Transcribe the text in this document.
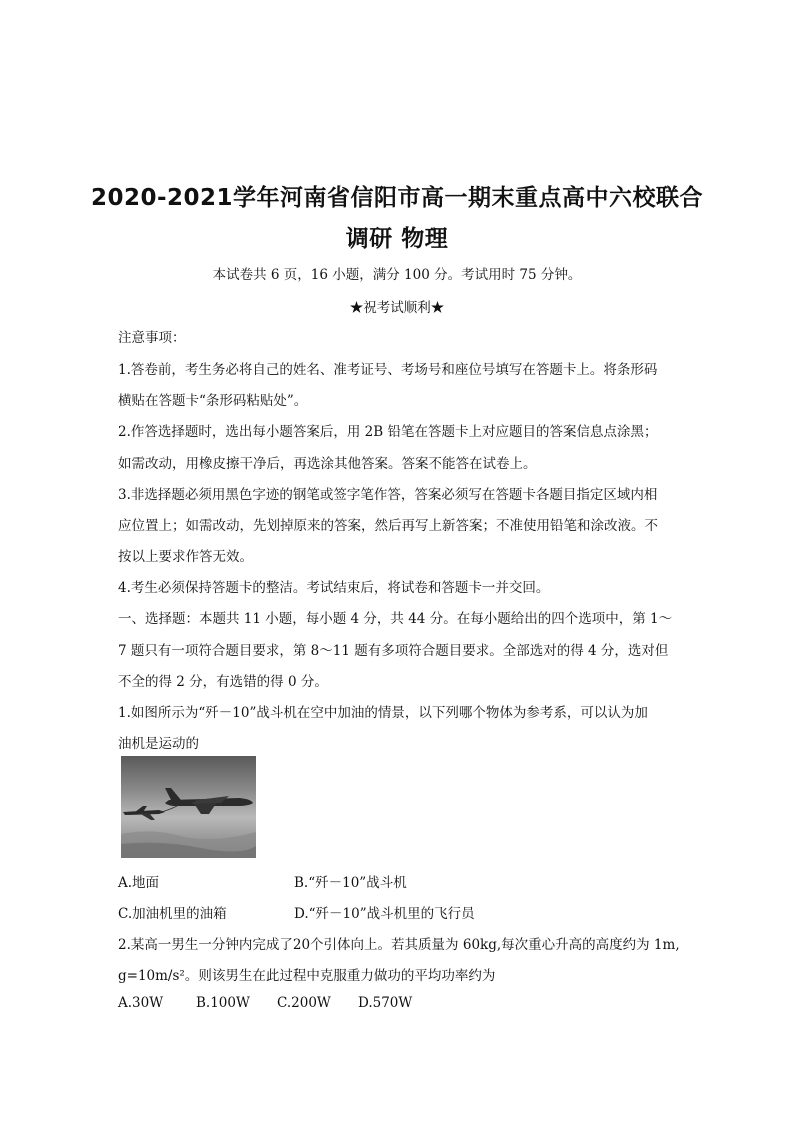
2020-2021学年河南省信阳市高一期末重点高中六校联合
调研 物理
本试卷共 6 页，16 小题，满分 100 分。考试用时 75 分钟。
★祝考试顺利★
注意事项：
1.答卷前，考生务必将自己的姓名、准考证号、考场号和座位号填写在答题卡上。将条形码
横贴在答题卡“条形码粘贴处”。
2.作答选择题时，选出每小题答案后，用 2B 铅笔在答题卡上对应题目的答案信息点涂黑；
如需改动，用橡皮擦干净后，再选涂其他答案。答案不能答在试卷上。
3.非选择题必须用黑色字迹的钢笔或签字笔作答，答案必须写在答题卡各题目指定区域内相
应位置上；如需改动，先划掉原来的答案，然后再写上新答案；不准使用铅笔和涂改液。不
按以上要求作答无效。
4.考生必须保持答题卡的整洁。考试结束后，将试卷和答题卡一并交回。
一、选择题：本题共 11 小题，每小题 4 分，共 44 分。在每小题给出的四个选项中，第 1～
7 题只有一项符合题目要求，第 8～11 题有多项符合题目要求。全部选对的得 4 分，选对但
不全的得 2 分，有选错的得 0 分。
1.如图所示为“歼－10”战斗机在空中加油的情景，以下列哪个物体为参考系，可以认为加
油机是运动的
A.地面	B.“歼－10”战斗机
C.加油机里的油箱	D.“歼－10”战斗机里的飞行员
2.某高一男生一分钟内完成了20个引体向上。若其质量为 60kg,每次重心升高的高度约为 1m,
g=10m/s²。则该男生在此过程中克服重力做功的平均功率约为
A.30W B.100W C.200W D.570W
